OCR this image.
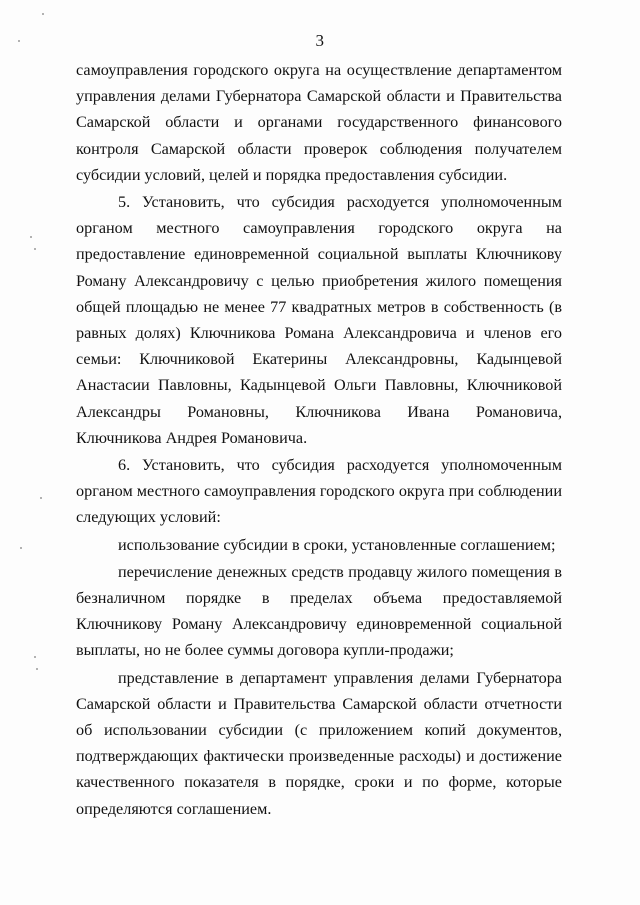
3

самоуправления городского округа на осуществление департаментом управления делами Губернатора Самарской области и Правительства Самарской области и органами государственного финансового контроля Самарской области проверок соблюдения получателем субсидии условий, целей и порядка предоставления субсидии.

5. Установить, что субсидия расходуется уполномоченным органом местного самоуправления городского округа на предоставление единовременной социальной выплаты Ключникову Роману Александровичу с целью приобретения жилого помещения общей площадью не менее 77 квадратных метров в собственность (в равных долях) Ключникова Романа Александровича и членов его семьи: Ключниковой Екатерины Александровны, Кадынцевой Анастасии Павловны, Кадынцевой Ольги Павловны, Ключниковой Александры Романовны, Ключникова Ивана Романовича, Ключникова Андрея Романовича.

6. Установить, что субсидия расходуется уполномоченным органом местного самоуправления городского округа при соблюдении следующих условий:

использование субсидии в сроки, установленные соглашением;

перечисление денежных средств продавцу жилого помещения в безналичном порядке в пределах объема предоставляемой Ключникову Роману Александровичу единовременной социальной выплаты, но не более суммы договора купли-продажи;

представление в департамент управления делами Губернатора Самарской области и Правительства Самарской области отчетности об использовании субсидии (с приложением копий документов, подтверждающих фактически произведенные расходы) и достижение качественного показателя в порядке, сроки и по форме, которые определяются соглашением.
